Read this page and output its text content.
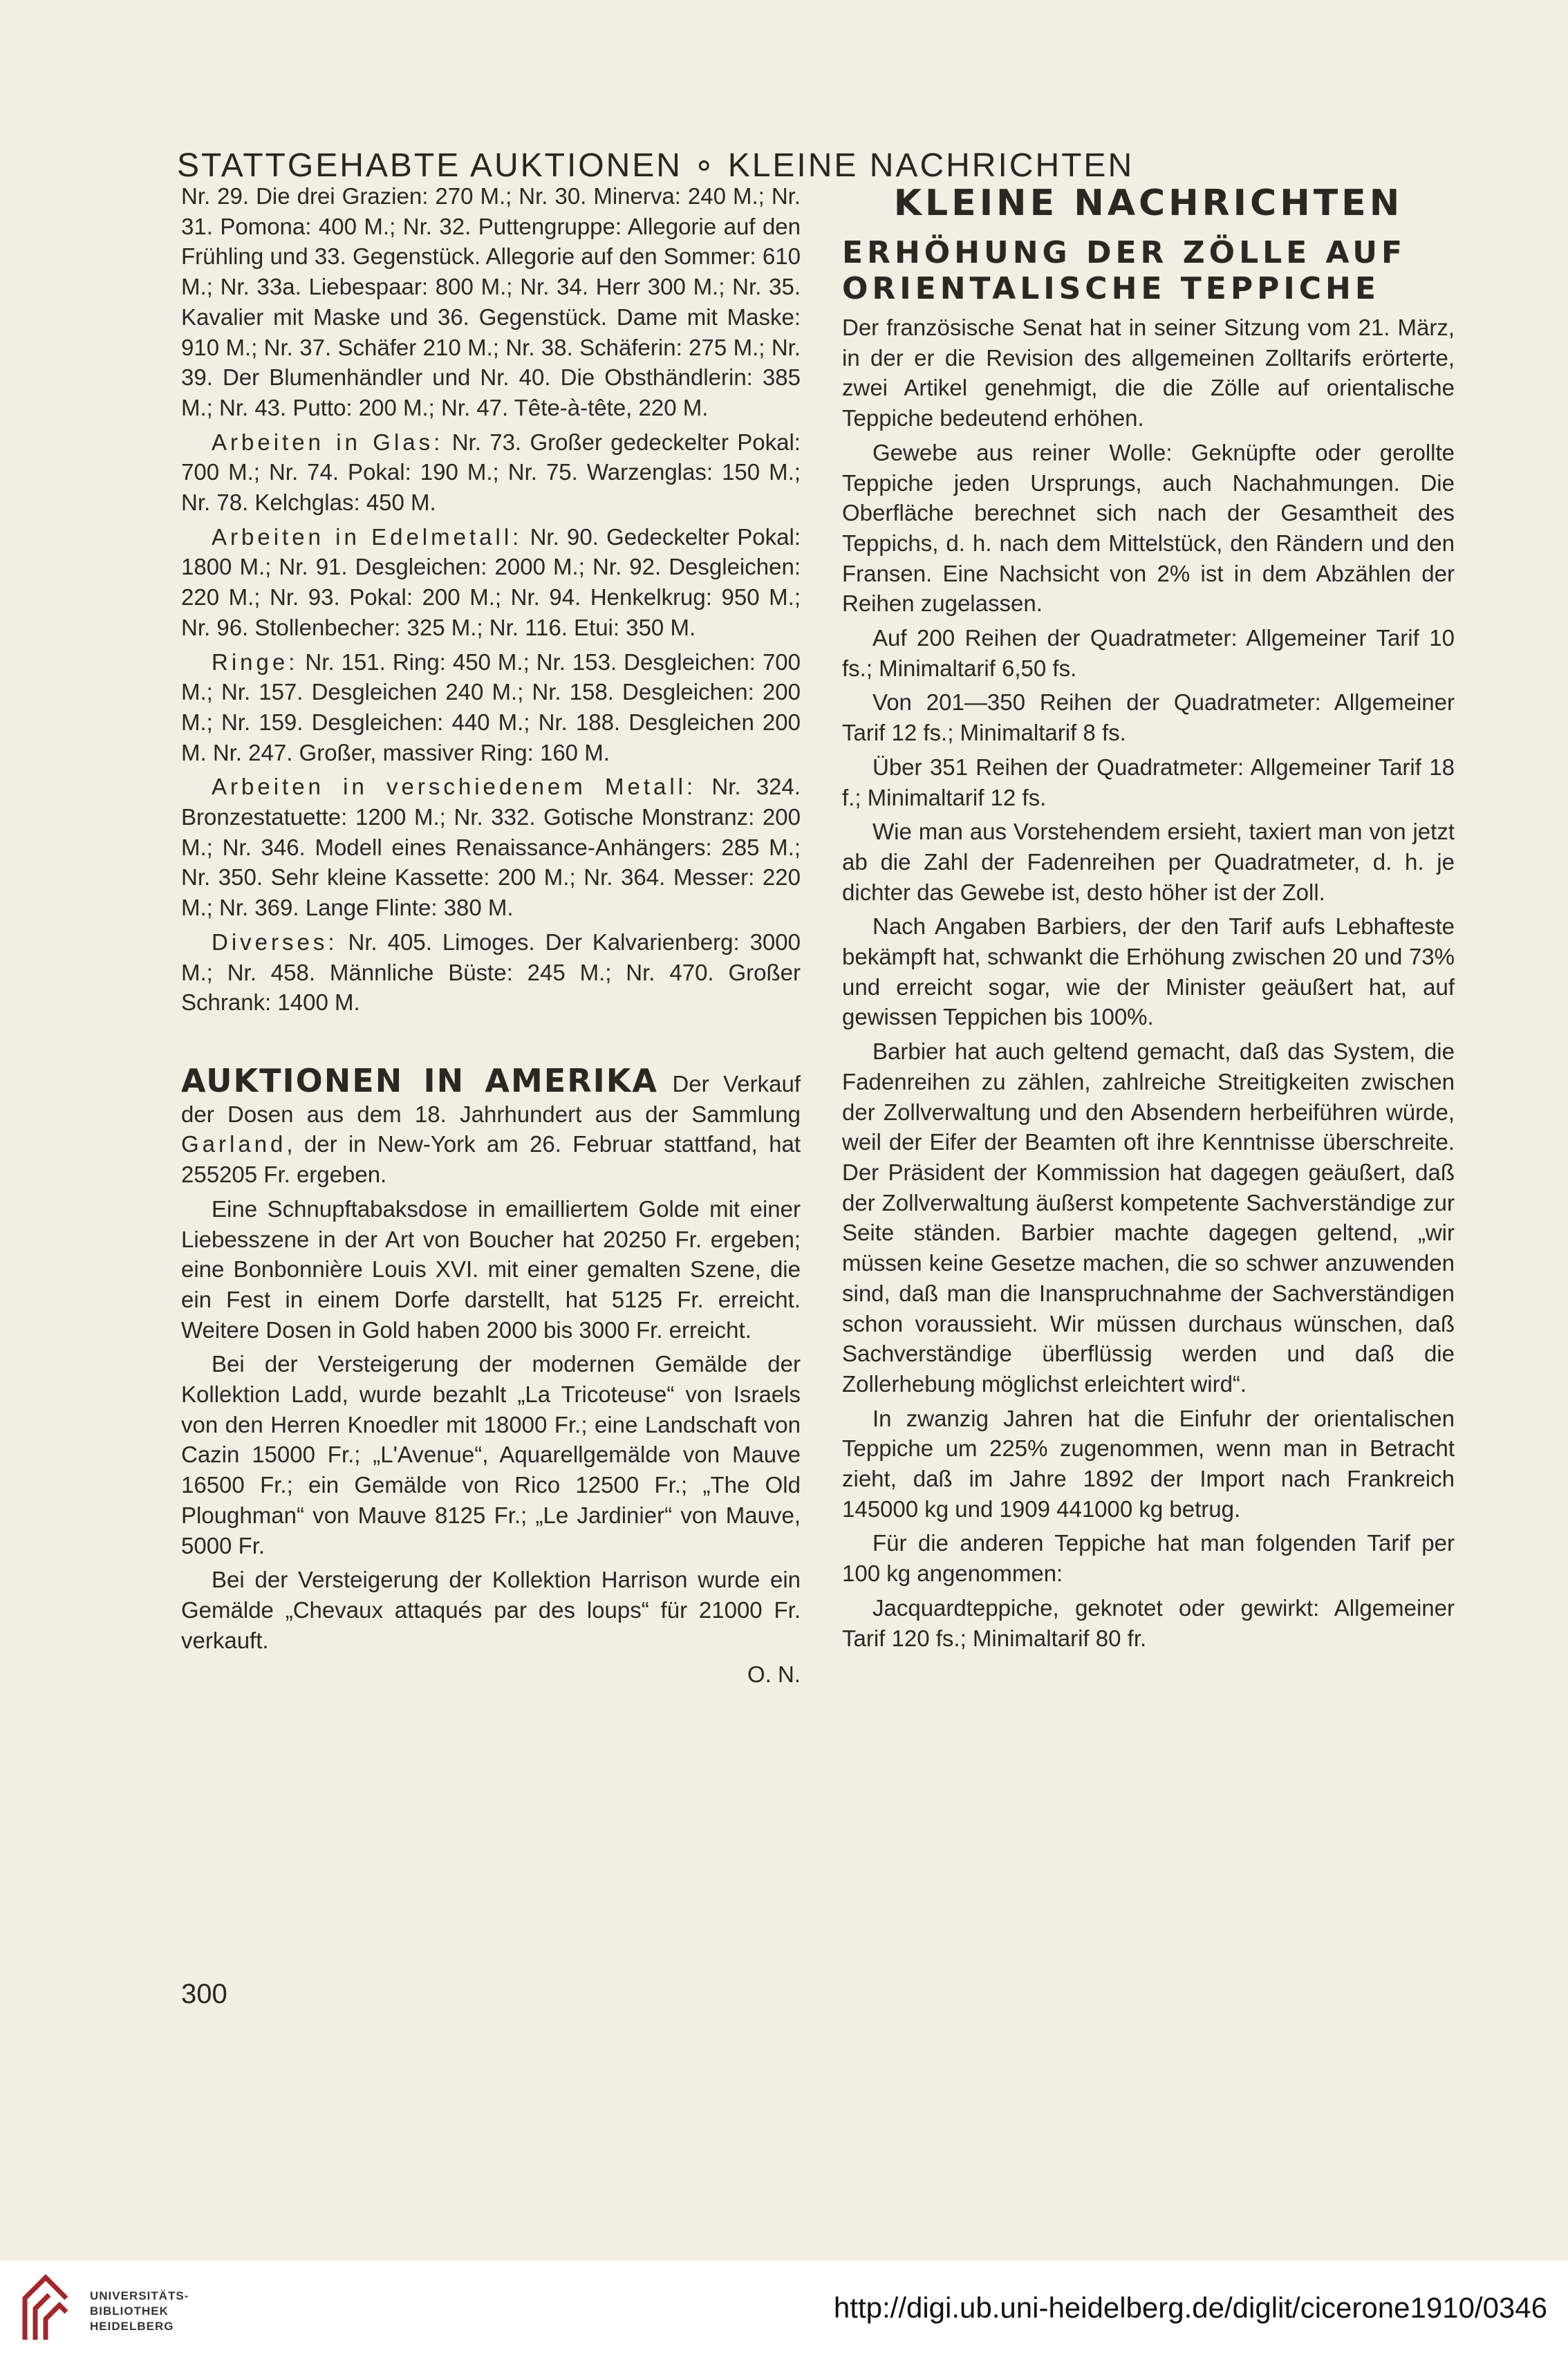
STATTGEHABTE AUKTIONEN ∘ KLEINE NACHRICHTEN

Nr. 29. Die drei Grazien: 270 M.; Nr. 30. Minerva: 240 M.; Nr. 31. Pomona: 400 M.; Nr. 32. Puttengruppe: Allegorie auf den Frühling und 33. Gegenstück. Allegorie auf den Sommer: 610 M.; Nr. 33a. Liebespaar: 800 M.; Nr. 34. Herr 300 M.; Nr. 35. Kavalier mit Maske und 36. Gegenstück. Dame mit Maske: 910 M.; Nr. 37. Schäfer 210 M.; Nr. 38. Schäferin: 275 M.; Nr. 39. Der Blumenhändler und Nr. 40. Die Obsthändlerin: 385 M.; Nr. 43. Putto: 200 M.; Nr. 47. Tête-à-tête, 220 M.

Arbeiten in Glas: Nr. 73. Großer gedeckelter Pokal: 700 M.; Nr. 74. Pokal: 190 M.; Nr. 75. Warzenglas: 150 M.; Nr. 78. Kelchglas: 450 M.

Arbeiten in Edelmetall: Nr. 90. Gedeckelter Pokal: 1800 M.; Nr. 91. Desgleichen: 2000 M.; Nr. 92. Desgleichen: 220 M.; Nr. 93. Pokal: 200 M.; Nr. 94. Henkelkrug: 950 M.; Nr. 96. Stollenbecher: 325 M.; Nr. 116. Etui: 350 M.

Ringe: Nr. 151. Ring: 450 M.; Nr. 153. Desgleichen: 700 M.; Nr. 157. Desgleichen 240 M.; Nr. 158. Desgleichen: 200 M.; Nr. 159. Desgleichen: 440 M.; Nr. 188. Desgleichen 200 M. Nr. 247. Großer, massiver Ring: 160 M.

Arbeiten in verschiedenem Metall: Nr. 324. Bronzestatuette: 1200 M.; Nr. 332. Gotische Monstranz: 200 M.; Nr. 346. Modell eines Renaissance-Anhängers: 285 M.; Nr. 350. Sehr kleine Kassette: 200 M.; Nr. 364. Messer: 220 M.; Nr. 369. Lange Flinte: 380 M.

Diverses: Nr. 405. Limoges. Der Kalvarienberg: 3000 M.; Nr. 458. Männliche Büste: 245 M.; Nr. 470. Großer Schrank: 1400 M.

AUKTIONEN IN AMERIKA Der Verkauf der Dosen aus dem 18. Jahrhundert aus der Sammlung Garland, der in New-York am 26. Februar stattfand, hat 255205 Fr. ergeben.

Eine Schnupftabaksdose in emailliertem Golde mit einer Liebesszene in der Art von Boucher hat 20250 Fr. ergeben; eine Bonbonnière Louis XVI. mit einer gemalten Szene, die ein Fest in einem Dorfe darstellt, hat 5125 Fr. erreicht. Weitere Dosen in Gold haben 2000 bis 3000 Fr. erreicht.

Bei der Versteigerung der modernen Gemälde der Kollektion Ladd, wurde bezahlt „La Tricoteuse“ von Israels von den Herren Knoedler mit 18000 Fr.; eine Landschaft von Cazin 15000 Fr.; „L'Avenue“, Aquarellgemälde von Mauve 16500 Fr.; ein Gemälde von Rico 12500 Fr.; „The Old Ploughman“ von Mauve 8125 Fr.; „Le Jardinier“ von Mauve, 5000 Fr.

Bei der Versteigerung der Kollektion Harrison wurde ein Gemälde „Chevaux attaqués par des loups“ für 21000 Fr. verkauft.

O. N.
KLEINE NACHRICHTEN
ERHÖHUNG DER ZÖLLE AUF
ORIENTALISCHE TEPPICHE

Der französische Senat hat in seiner Sitzung vom 21. März, in der er die Revision des allgemeinen Zolltarifs erörterte, zwei Artikel genehmigt, die die Zölle auf orientalische Teppiche bedeutend erhöhen.

Gewebe aus reiner Wolle: Geknüpfte oder gerollte Teppiche jeden Ursprungs, auch Nachahmungen. Die Oberfläche berechnet sich nach der Gesamtheit des Teppichs, d. h. nach dem Mittelstück, den Rändern und den Fransen. Eine Nachsicht von 2% ist in dem Abzählen der Reihen zugelassen.

Auf 200 Reihen der Quadratmeter: Allgemeiner Tarif 10 fs.; Minimaltarif 6,50 fs.

Von 201—350 Reihen der Quadratmeter: Allgemeiner Tarif 12 fs.; Minimaltarif 8 fs.

Über 351 Reihen der Quadratmeter: Allgemeiner Tarif 18 f.; Minimaltarif 12 fs.

Wie man aus Vorstehendem ersieht, taxiert man von jetzt ab die Zahl der Fadenreihen per Quadratmeter, d. h. je dichter das Gewebe ist, desto höher ist der Zoll.

Nach Angaben Barbiers, der den Tarif aufs Lebhafteste bekämpft hat, schwankt die Erhöhung zwischen 20 und 73% und erreicht sogar, wie der Minister geäußert hat, auf gewissen Teppichen bis 100%.

Barbier hat auch geltend gemacht, daß das System, die Fadenreihen zu zählen, zahlreiche Streitigkeiten zwischen der Zollverwaltung und den Absendern herbeiführen würde, weil der Eifer der Beamten oft ihre Kenntnisse überschreite. Der Präsident der Kommission hat dagegen geäußert, daß der Zollverwaltung äußerst kompetente Sachverständige zur Seite ständen. Barbier machte dagegen geltend, „wir müssen keine Gesetze machen, die so schwer anzuwenden sind, daß man die Inanspruchnahme der Sachverständigen schon voraussieht. Wir müssen durchaus wünschen, daß Sachverständige überflüssig werden und daß die Zollerhebung möglichst erleichtert wird“.

In zwanzig Jahren hat die Einfuhr der orientalischen Teppiche um 225% zugenommen, wenn man in Betracht zieht, daß im Jahre 1892 der Import nach Frankreich 145000 kg und 1909 441000 kg betrug.

Für die anderen Teppiche hat man folgenden Tarif per 100 kg angenommen:

Jacquardteppiche, geknotet oder gewirkt: Allgemeiner Tarif 120 fs.; Minimaltarif 80 fr.

300
UNIVERSITÄTS-
BIBLIOTHEK
HEIDELBERG
http://digi.ub.uni-heidelberg.de/diglit/cicerone1910/0346
